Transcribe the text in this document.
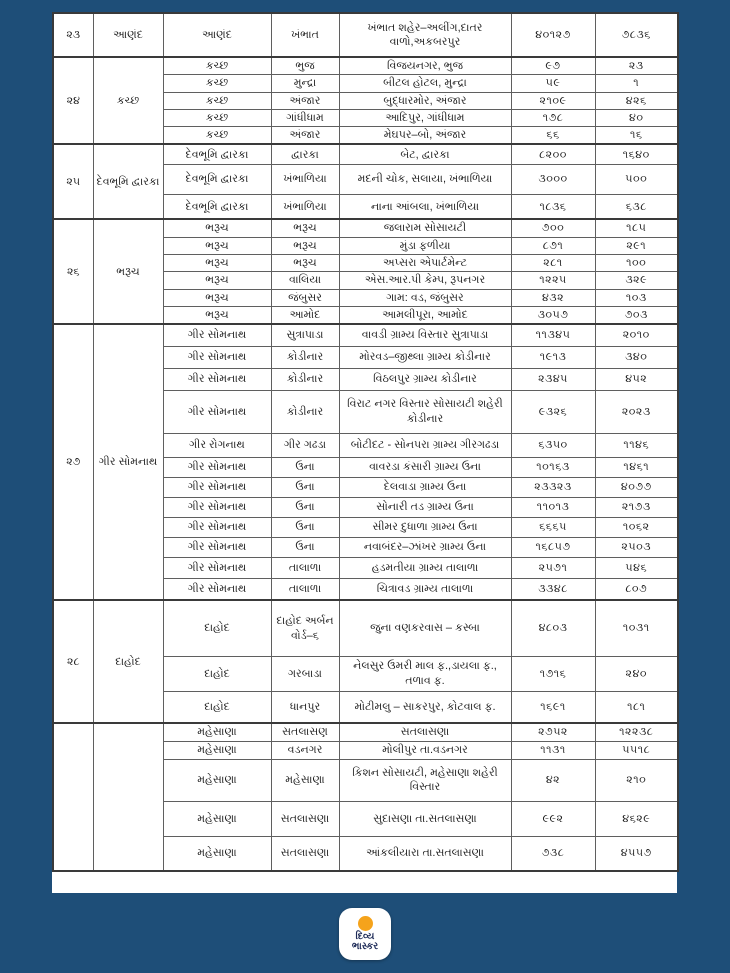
૨૩	આણંદ	આણંદ	ખંભાત	ખંભાત શહેર–અલીંગ,દાતર વાળો,અકબરપુર	૪૦૧૨૭	૭૮૩૬
૨૪	કચ્છ	કચ્છ	ભુજ	વિજયનગર, ભુજ	૯૭	૨૩
		કચ્છ	મુન્દ્રા	બીટલ હોટલ, મુન્દ્રા	૫૯	૧
		કચ્છ	અંજાર	બુદ્ધારમોર, અંજાર	૨૧૦૯	૪૨૬
		કચ્છ	ગાંધીધામ	આદિપુર, ગાંધીધામ	૧૭૮	૪૦
		કચ્છ	અંજાર	મેઘપર–બો, અંજાર	૬૬	૧૬
૨૫	દેવભૂમિ દ્વારકા	દેવભૂમિ દ્વારકા	દ્વારકા	બેટ, દ્વારકા	૮૨૦૦	૧૬૪૦
		દેવભૂમિ દ્વારકા	ખંભાળિયા	મદની ચોક, સલાયા, ખંભાળિયા	૩૦૦૦	૫૦૦
		દેવભૂમિ દ્વારકા	ખંભાળિયા	નાના આંબલા, ખંભાળિયા	૧૮૩૬	૬૩૮
૨૬	ભરૂચ	ભરૂચ	ભરૂચ	જલારામ સોસાયટી	૭૦૦	૧૮૫
		ભરૂચ	ભરૂચ	મુંડા ફળીયા	૮૭૧	૨૯૧
		ભરૂચ	ભરૂચ	અપ્સરા એપાર્ટમેન્ટ	૨૮૧	૧૦૦
		ભરૂચ	વાલિયા	એસ.આર.પી કેમ્પ, રૂપનગર	૧૨૨૫	૩૨૯
		ભરૂચ	જંબુસર	ગામ: વડ, જંબુસર	૪૩૨	૧૦૩
		ભરૂચ	આમોદ	આમલીપૂરા, આમોદ	૩૦૫૭	૭૦૩
૨૭	ગીર સોમનાથ	ગીર સોમનાથ	સુત્રાપાડા	વાવડી ગ્રામ્ય વિસ્તાર સુત્રાપાડા	૧૧૩૪૫	૨૦૧૦
		ગીર સોમનાથ	કોડીનાર	મોરવડ–જીથ્લા ગ્રામ્ય કોડીનાર	૧૯૧૩	૩૪૦
		ગીર સોમનાથ	કોડીનાર	વિઠલપુર ગ્રામ્ય કોડીનાર	૨૩૪૫	૪૫૨
		ગીર સોમનાથ	કોડીનાર	વિરાટ નગર વિસ્તાર સોસાયટી શહેરી કોડીનાર	૯૩૨૬	૨૦૨૩
		ગીર રોગનાથ	ગીર ગઢડા	બોટીદટ - સોનપરા ગ્રામ્ય ગીરગઢડા	૬૩૫૦	૧૧૪૬
		ગીર સોમનાથ	ઉના	વાવરડા કંસારી ગ્રામ્ય ઉના	૧૦૧૬૩	૧૪૬૧
		ગીર સોમનાથ	ઉના	દેલવાડા ગ્રામ્ય ઉના	૨૩૩૨૩	૪૦૭૭
		ગીર સોમનાથ	ઉના	સોનારી તડ ગ્રામ્ય ઉના	૧૧૦૧૩	૨૧૭૩
		ગીર સોમનાથ	ઉના	સીમર દુધાળા ગ્રામ્ય ઉના	૬૬૬૫	૧૦૬૨
		ગીર સોમનાથ	ઉના	નવાબંદર–ઝાંખર ગ્રામ્ય ઉના	૧૬૮૫૭	૨૫૦૩
		ગીર સોમનાથ	તાલાળા	હડમતીયા ગ્રામ્ય તાલાળા	૨૫૭૧	૫૪૬
		ગીર સોમનાથ	તાલાળા	ચિત્રાવડ ગ્રામ્ય તાલાળા	૩૩૪૮	૮૦૭
૨૮	દાહોદ	દાહોદ	દાહોદ અર્બન વોર્ડ–૬	જુના વણકરવાસ – કસ્બા	૪૮૦૩	૧૦૩૧
		દાહોદ	ગરબાડા	નેલસુર ઉમરી માલ ફ.,ડાયલા ફ., તળાવ ફ.	૧૭૧૬	૨૪૦
		દાહોદ	ધાનપુર	મોટીમલુ – સાકરપુર, કોટવાલ ફ.	૧૬૯૧	૧૮૧
		મહેસાણા	સતલાસણ	સતલાસણા	૨૭૫૨	૧૨૨૩૮
		મહેસાણા	વડનગર	મોલીપુર તા.વડનગર	૧૧૩૧	૫૫૧૮
		મહેસાણા	મહેસાણા	કિશન સોસાયટી, મહેસાણા શહેરી વિસ્તાર	૪૨	૨૧૦
		મહેસાણા	સતલાસણા	સુદાસણા તા.સતલાસણા	૯૯૨	૪૬૨૯
		મહેસાણા	સતલાસણા	આંકલીયારા તા.સતલાસણા	૭૩૮	૪૫૫૭
દિવ્ય
ભાસ્કર
